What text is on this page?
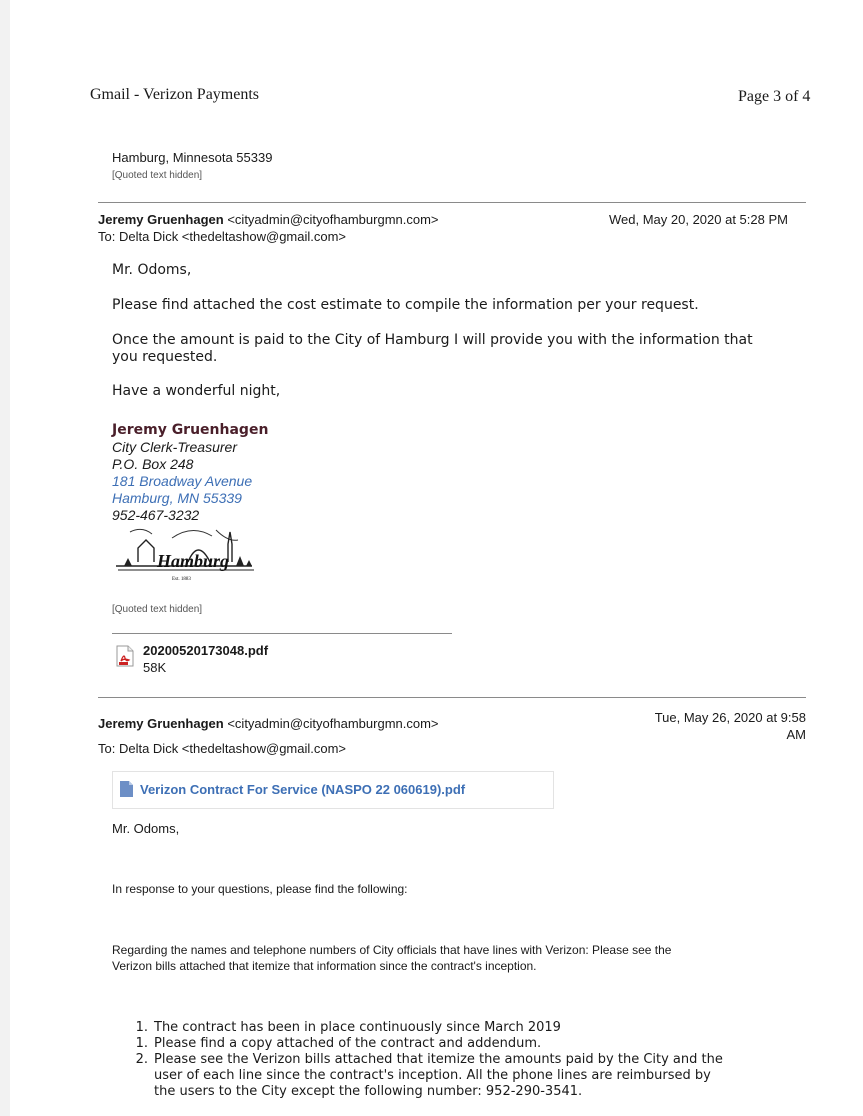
Gmail - Verizon Payments	Page 3 of 4
Hamburg, Minnesota 55339
[Quoted text hidden]
Jeremy Gruenhagen <cityadmin@cityofhamburgmn.com>	Wed, May 20, 2020 at 5:28 PM
To: Delta Dick <thedeltashow@gmail.com>
Mr. Odoms,
Please find attached the cost estimate to compile the information per your request.
Once the amount is paid to the City of Hamburg I will provide you with the information that
you requested.
Have a wonderful night,
Jeremy Gruenhagen
City Clerk-Treasurer
P.O. Box 248
181 Broadway Avenue
Hamburg, MN 55339
952-467-3232
Hamburg
Est. 1883
[Quoted text hidden]
20200520173048.pdf
58K
Jeremy Gruenhagen <cityadmin@cityofhamburgmn.com>	Tue, May 26, 2020 at 9:58
AM
To: Delta Dick <thedeltashow@gmail.com>
Verizon Contract For Service (NASPO 22 060619).pdf
Mr. Odoms,
In response to your questions, please find the following:
Regarding the names and telephone numbers of City officials that have lines with Verizon: Please see the
Verizon bills attached that itemize that information since the contract's inception.
1. The contract has been in place continuously since March 2019
1. Please find a copy attached of the contract and addendum.
2. Please see the Verizon bills attached that itemize the amounts paid by the City and the
user of each line since the contract's inception. All the phone lines are reimbursed by
the users to the City except the following number: 952-290-3541.
